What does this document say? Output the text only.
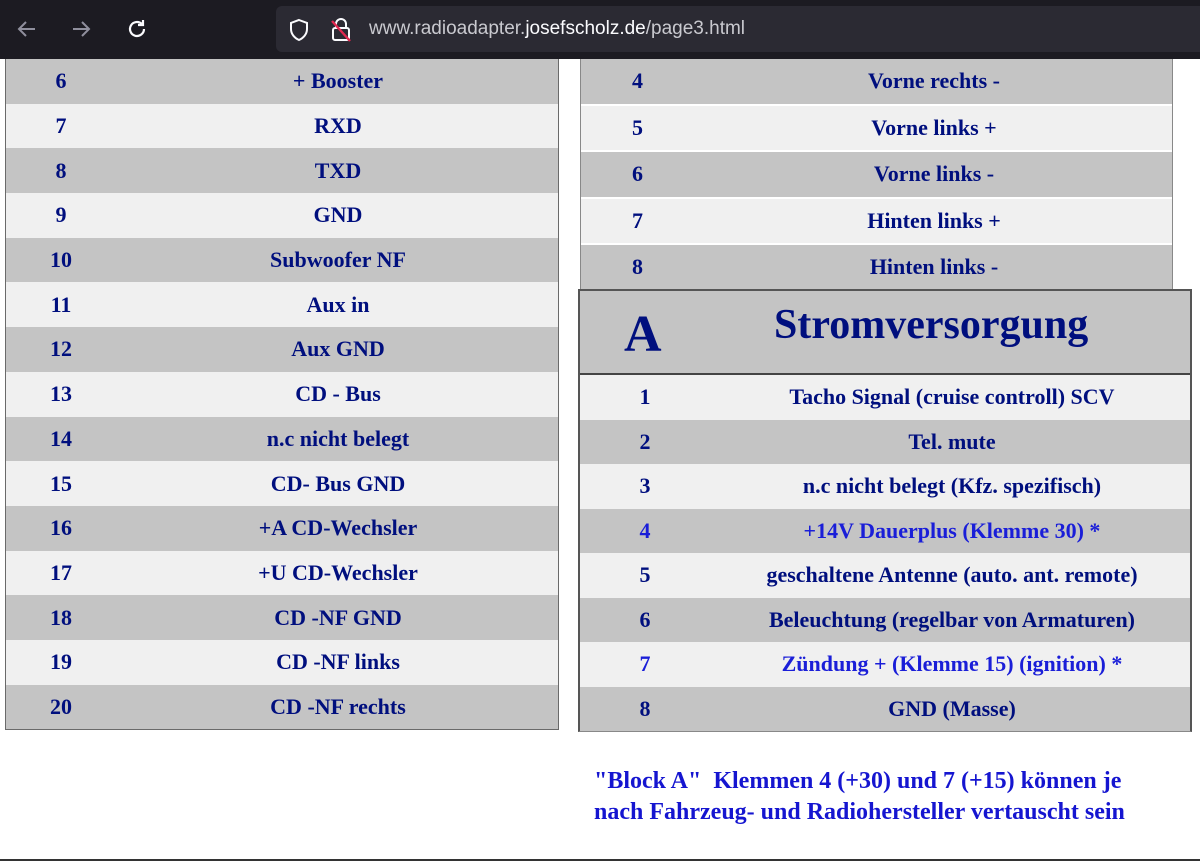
www.radioadapter.josefscholz.de/page3.html
6	+ Booster
7	RXD
8	TXD
9	GND
10	Subwoofer NF
11	Aux in
12	Aux GND
13	CD - Bus
14	n.c nicht belegt
15	CD- Bus GND
16	+A CD-Wechsler
17	+U CD-Wechsler
18	CD -NF GND
19	CD -NF links
20	CD -NF rechts
4	Vorne rechts -
5	Vorne links +
6	Vorne links -
7	Hinten links +
8	Hinten links -
A	Stromversorgung
1	Tacho Signal (cruise controll) SCV
2	Tel. mute
3	n.c nicht belegt (Kfz. spezifisch)
4	+14V Dauerplus (Klemme 30) *
5	geschaltene Antenne (auto. ant. remote)
6	Beleuchtung (regelbar von Armaturen)
7	Zündung + (Klemme 15) (ignition) *
8	GND (Masse)
"Block A"  Klemmen 4 (+30) und 7 (+15) können je
nach Fahrzeug- und Radiohersteller vertauscht sein
